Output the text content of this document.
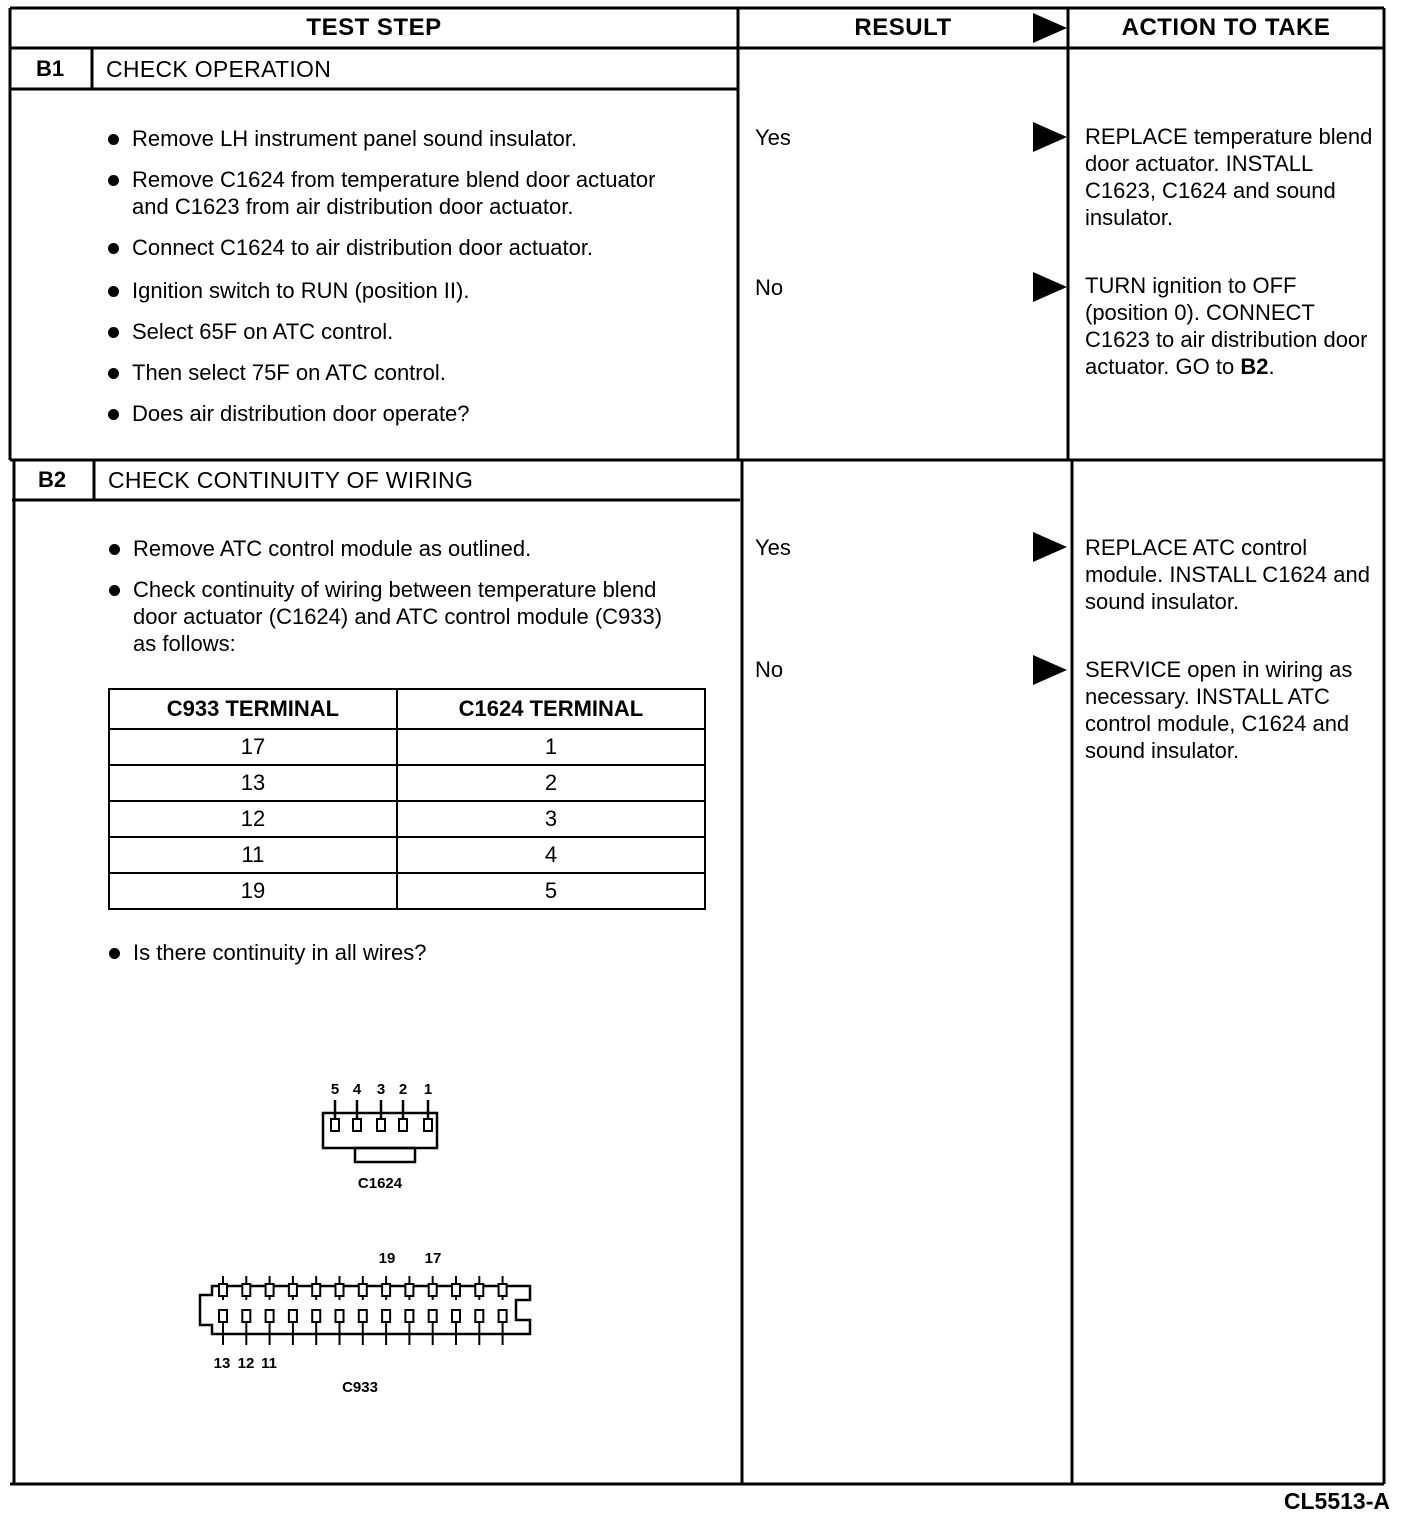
TEST STEP	RESULT	ACTION TO TAKE
B1	CHECK OPERATION
Remove LH instrument panel sound insulator.
Remove C1624 from temperature blend door actuator and C1623 from air distribution door actuator.
Connect C1624 to air distribution door actuator.
Ignition switch to RUN (position II).
Select 65F on ATC control.
Then select 75F on ATC control.
Does air distribution door operate?
Yes	REPLACE temperature blend door actuator. INSTALL C1623, C1624 and sound insulator.
No	TURN ignition to OFF (position 0). CONNECT C1623 to air distribution door actuator. GO to B2.
B2	CHECK CONTINUITY OF WIRING
Remove ATC control module as outlined.
Check continuity of wiring between temperature blend door actuator (C1624) and ATC control module (C933) as follows:
C933 TERMINAL	C1624 TERMINAL
17	1
13	2
12	3
11	4
19	5
Is there continuity in all wires?
Yes	REPLACE ATC control module. INSTALL C1624 and sound insulator.
No	SERVICE open in wiring as necessary. INSTALL ATC control module, C1624 and sound insulator.
5 4 3 2 1
C1624
19 17
13 12 11
C933
CL5513-A
